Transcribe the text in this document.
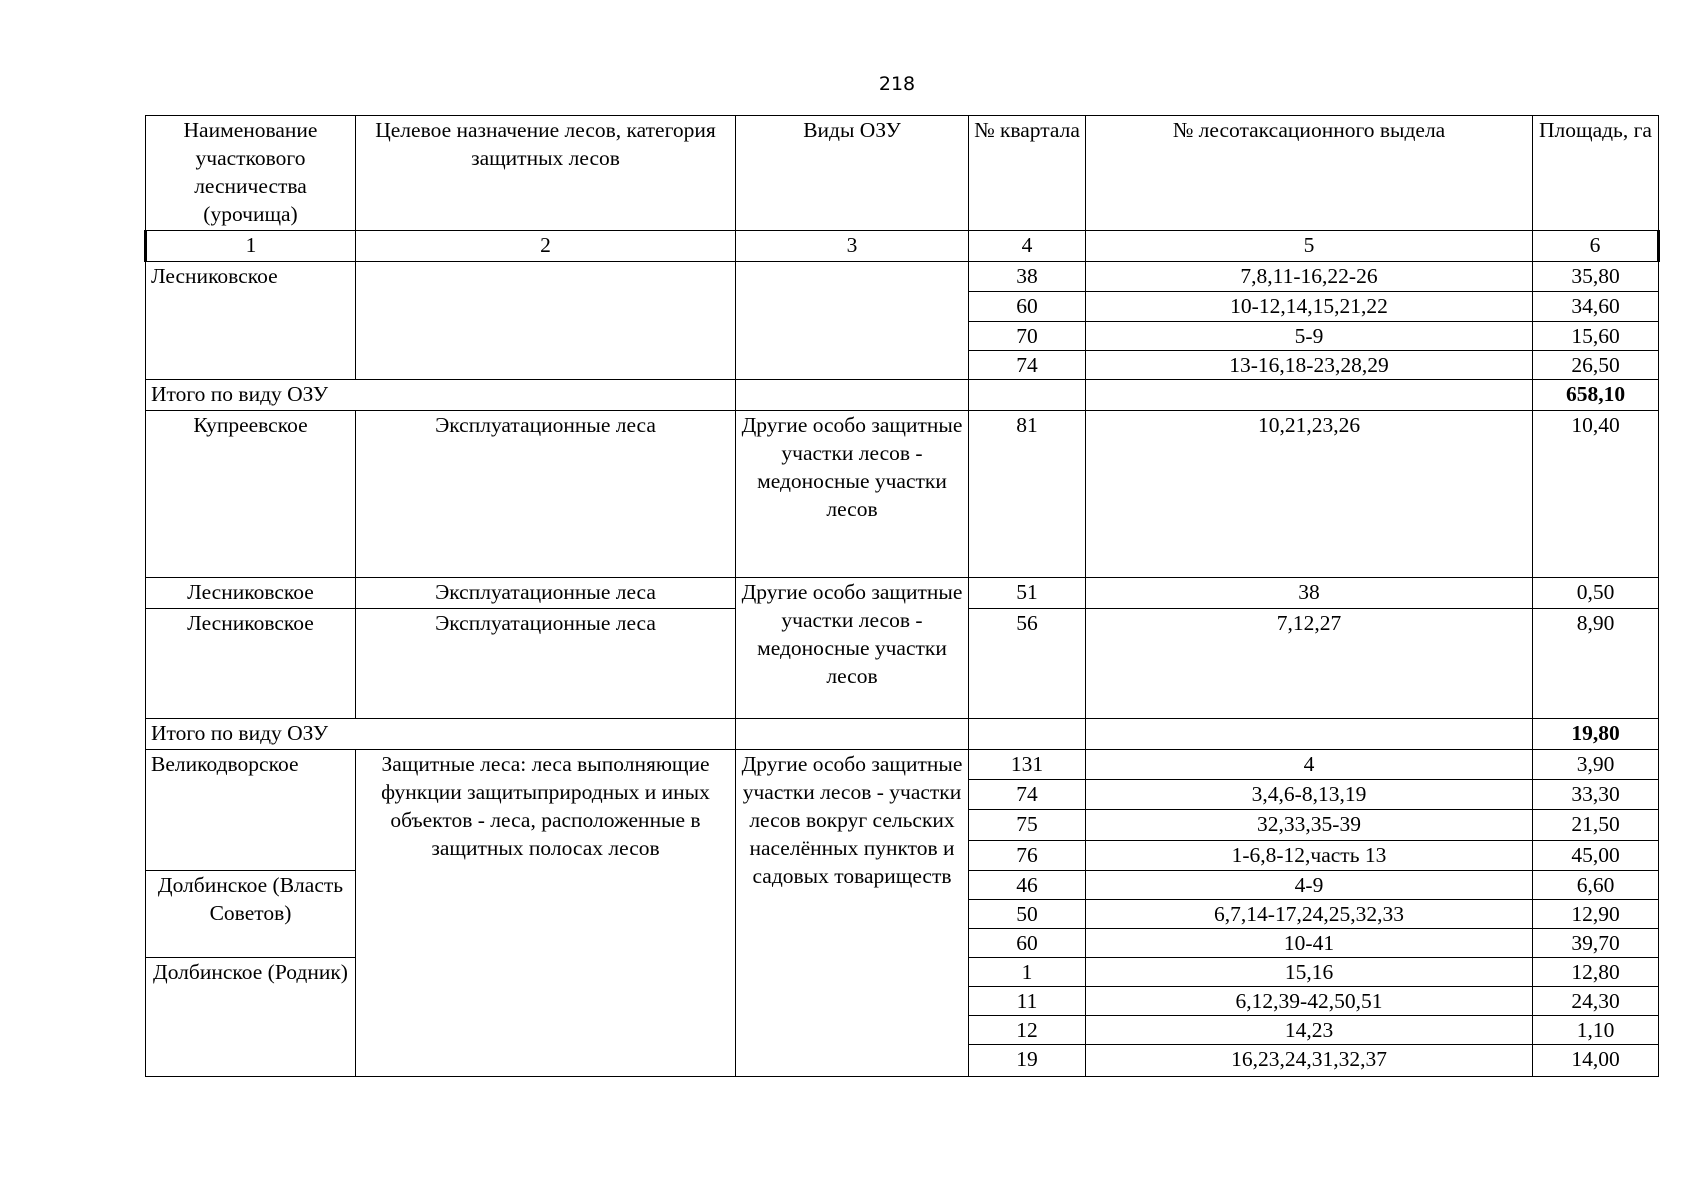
218
Наименование участкового лесничества (урочища)	Целевое назначение лесов, категория защитных лесов	Виды ОЗУ	№ квартала	№ лесотаксационного выдела	Площадь, га
1	2	3	4	5	6
Лесниковское			38	7,8,11-16,22-26	35,80
			60	10-12,14,15,21,22	34,60
			70	5-9	15,60
			74	13-16,18-23,28,29	26,50
Итого по виду ОЗУ					658,10
Купреевское	Эксплуатационные леса	Другие особо защитные участки лесов - медоносные участки лесов	81	10,21,23,26	10,40
Лесниковское	Эксплуатационные леса	Другие особо защитные участки лесов - медоносные участки лесов	51	38	0,50
Лесниковское	Эксплуатационные леса		56	7,12,27	8,90
Итого по виду ОЗУ					19,80
Великодворское	Защитные леса: леса выполняющие функции защитыприродных и иных объектов - леса, расположенные в защитных полосах лесов	Другие особо защитные участки лесов - участки лесов вокруг сельских населённых пунктов и садовых товариществ	131	4	3,90
			74	3,4,6-8,13,19	33,30
			75	32,33,35-39	21,50
			76	1-6,8-12,часть 13	45,00
Долбинское (Власть Советов)			46	4-9	6,60
			50	6,7,14-17,24,25,32,33	12,90
			60	10-41	39,70
Долбинское (Родник)			1	15,16	12,80
			11	6,12,39-42,50,51	24,30
			12	14,23	1,10
			19	16,23,24,31,32,37	14,00
